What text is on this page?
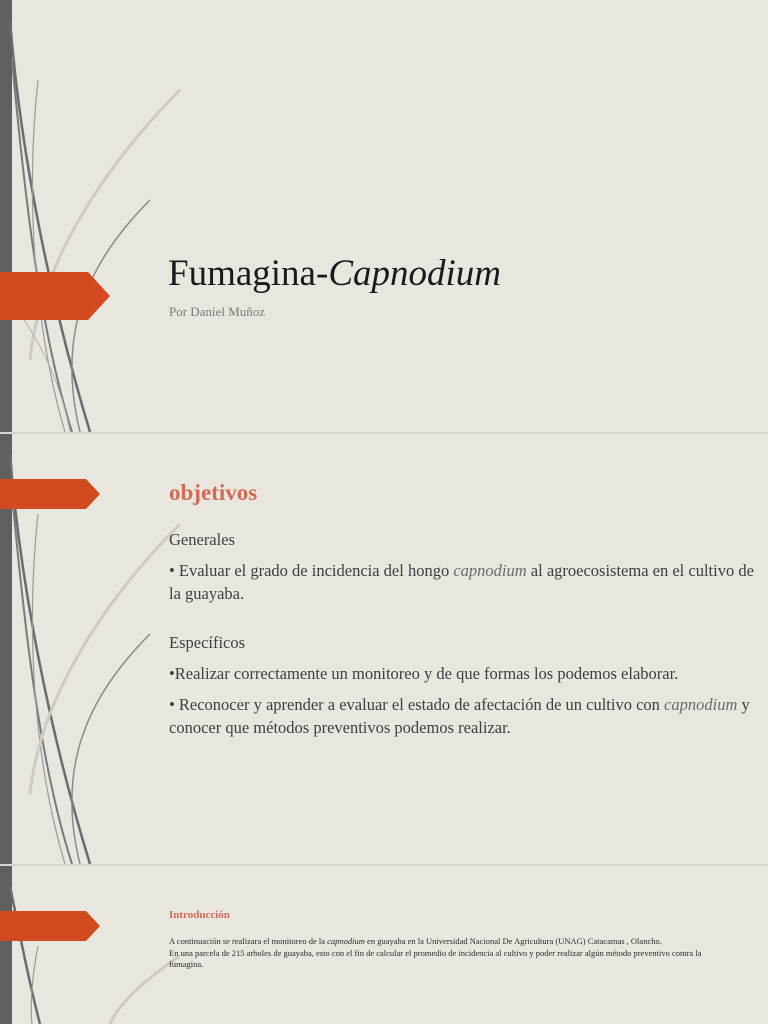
Fumagina-Capnodium
Por Daniel Muñoz
objetivos

Generales

• Evaluar el grado de incidencia del hongo capnodium al agroecosistema en el cultivo de la guayaba.

Específicos

•Realizar correctamente un monitoreo y de que formas los podemos elaborar.

• Reconocer y aprender a evaluar el estado de afectación de un cultivo con capnodium y conocer que métodos preventivos podemos realizar.

Introducción

A continuación se realizara el monitoreo de la capnodium en guayaba en la Universidad Nacional De Agricultura (UNAG) Catacamas , Olancho.

En una parcela de 215 arboles de guayaba, esto con el fin de calcular el promedio de incidencia al cultivo y poder realizar algún método preventivo contra la fumagina.
